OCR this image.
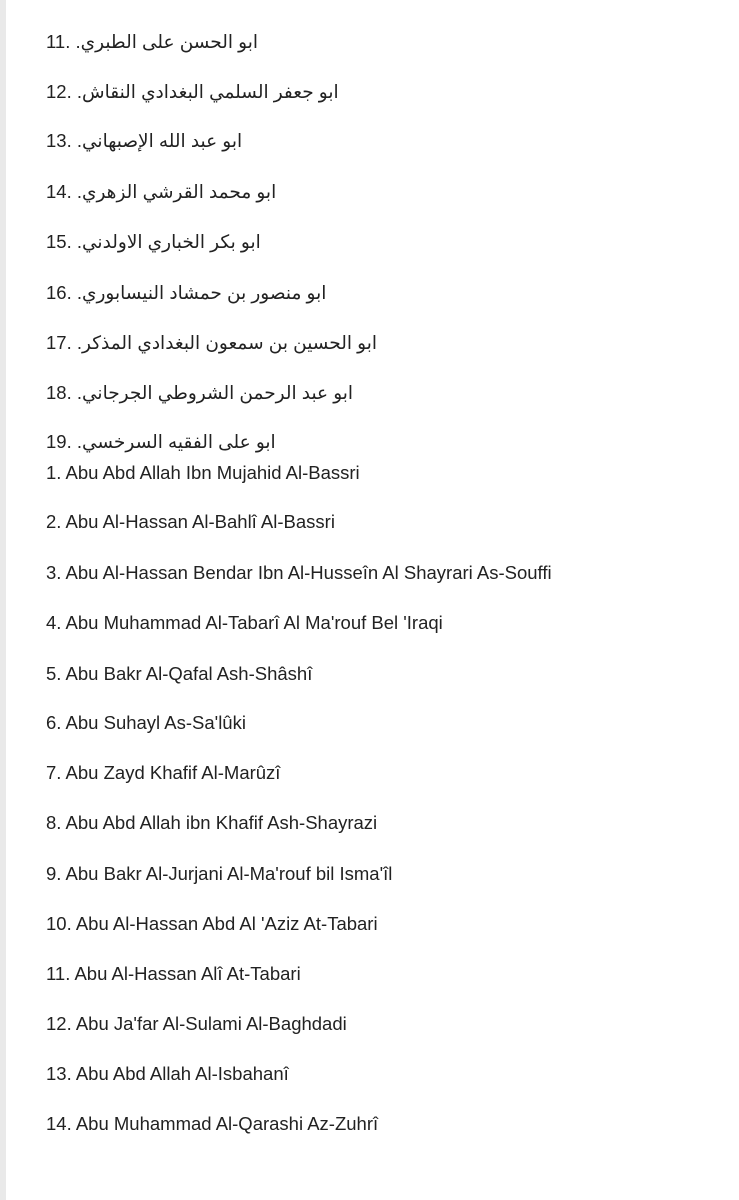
11. ابو الحسن على الطبري.
12. ابو جعفر السلمي البغدادي النقاش.
13. ابو عبد الله الإصبهاني.
14. ابو محمد القرشي الزهري.
15. ابو بكر الخباري الاولدني.
16. ابو منصور بن حمشاد النيسابوري.
17. ابو الحسين بن سمعون البغدادي المذكر.
18. ابو عبد الرحمن الشروطي الجرجاني.
19. ابو على الفقيه السرخسي.
1. Abu Abd Allah Ibn Mujahid Al-Bassri
2. Abu Al-Hassan Al-Bahlî Al-Bassri
3. Abu Al-Hassan Bendar Ibn Al-Husseîn Al Shayrari As-Souffi
4. Abu Muhammad Al-Tabarî Al Ma'rouf Bel 'Iraqi
5. Abu Bakr Al-Qafal Ash-Shâshî
6. Abu Suhayl As-Sa'lûki
7. Abu Zayd Khafif Al-Marûzî
8. Abu Abd Allah ibn Khafif Ash-Shayrazi
9. Abu Bakr Al-Jurjani Al-Ma'rouf bil Isma'îl
10. Abu Al-Hassan Abd Al 'Aziz At-Tabari
11. Abu Al-Hassan Alî At-Tabari
12. Abu Ja'far Al-Sulami Al-Baghdadi
13. Abu Abd Allah Al-Isbahanî
14. Abu Muhammad Al-Qarashi Az-Zuhrî
